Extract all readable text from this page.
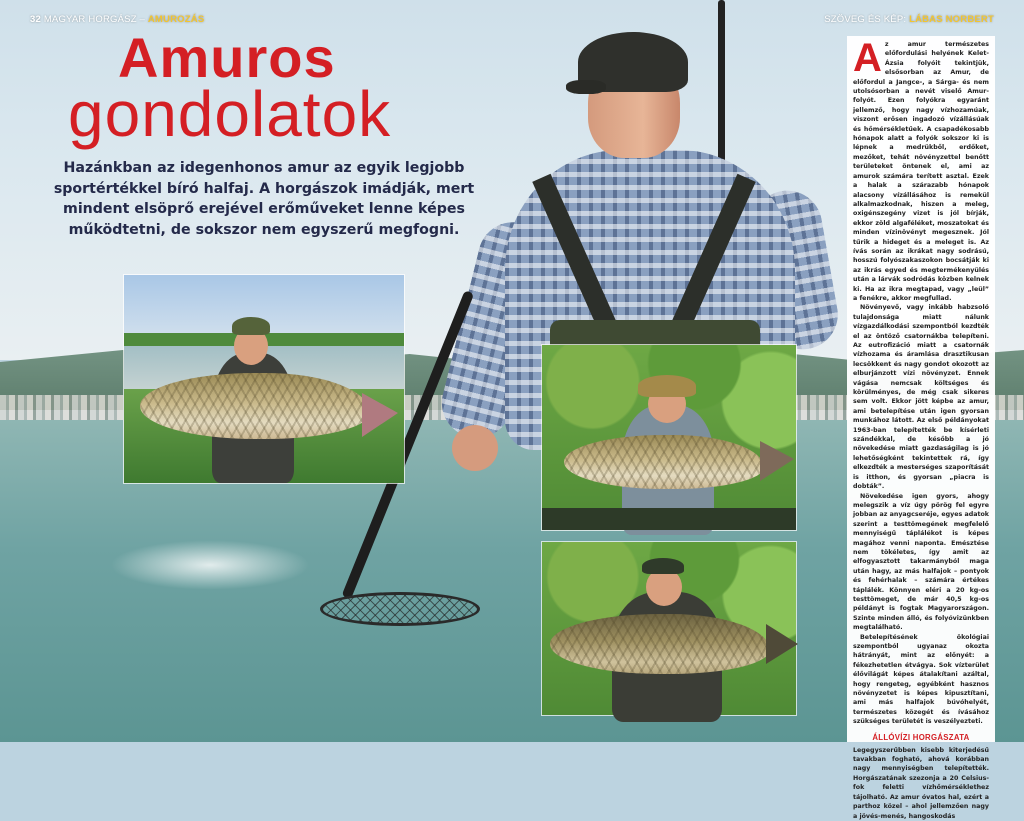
32 MAGYAR HORGÁSZ – AMUROZÁS	SZÖVEG ÉS KÉP: LÁBAS NORBERT
Amuros
gondolatok
Hazánkban az idegenhonos amur az egyik legjobb sportértékkel bíró halfaj. A horgászok imádják, mert mindent elsöprő erejével erőműveket lenne képes működtetni, de sokszor nem egyszerű megfogni.

Az amur természetes előfordulási helyének Kelet-Ázsia folyóit tekintjük, elsősorban az Amur, de előfordul a Jangce-, a Sárga- és nem utolsósorban a nevét viselő Amur-folyót. Ezen folyókra egyaránt jellemző, hogy nagy vízhozamúak, viszont erősen ingadozó vízállásúak és hőmérsékletűek. A csapadékosabb hónapok alatt a folyók sokszor ki is lépnek a medrükből, erdőket, mezőket, tehát növényzettel benőtt területeket öntenek el, ami az amurok számára terített asztal. Ezek a halak a szárazabb hónapok alacsony vízállásához is remekül alkalmazkodnak, hiszen a meleg, oxigénszegény vizet is jól bírják, ekkor zöld algaféléket, moszatokat és minden vízinövényt megesznek. Jól tűrik a hideget és a meleget is. Az ívás során az ikrákat nagy sodrású, hosszú folyószakaszokon bocsátják ki az ikrás egyed és megtermékenyülés után a lárvák sodródás közben kelnek ki. Ha az ikra megtapad, vagy „leül” a fenékre, akkor megfullad.

Növényevő, vagy inkább habzsoló tulajdonsága miatt nálunk vízgazdálkodási szempontból kezdték el az öntöző csatornákba telepíteni. Az eutrofizáció miatt a csatornák vízhozama és áramlása drasztikusan lecsökkent és nagy gondot okozott az elburjánzott vízi növényzet. Ennek vágása nemcsak költséges és körülményes, de még csak sikeres sem volt. Ekkor jött képbe az amur, ami betelepítése után igen gyorsan munkához látott. Az első példányokat 1963-ban telepítették be kísérleti szándékkal, de később a jó növekedése miatt gazdaságilag is jó lehetőségként tekintettek rá, így elkezdték a mesterséges szaporítását is itthon, és gyorsan „piacra is dobták”.

Növekedése igen gyors, ahogy melegszik a víz úgy pörög fel egyre jobban az anyagcseréje, egyes adatok szerint a testtömegének megfelelő mennyiségű táplálékot is képes magához venni naponta. Emésztése nem tökéletes, így amit az elfogyasztott takarmányból maga után hagy, az más halfajok – pontyok és fehérhalak – számára értékes táplálék. Könnyen eléri a 20 kg-os testtömeget, de már 40,5 kg-os példányt is fogtak Magyarországon. Szinte minden álló, és folyóvizünkben megtalálható.

Betelepítésének ökológiai szempontból ugyanaz okozta hátrányát, mint az előnyét: a fékezhetetlen étvágya. Sok vízterület élővilágát képes átalakítani azáltal, hogy rengeteg, egyébként hasznos növényzetet is képes kipusztítani, ami más halfajok búvóhelyét, természetes közegét és ívásához szükséges területét is veszélyezteti.

ÁLLÓVÍZI HORGÁSZATA

Legegyszerűbben kisebb kiterjedésű tavakban fogható, ahová korábban nagy mennyiségben telepítették. Horgászatának szezonja a 20 Celsius-fok feletti vízhőmérséklethez tájolható. Az amur óvatos hal, ezért a parthoz közel – ahol jellemzően nagy a jövés-menés, hangoskodás
